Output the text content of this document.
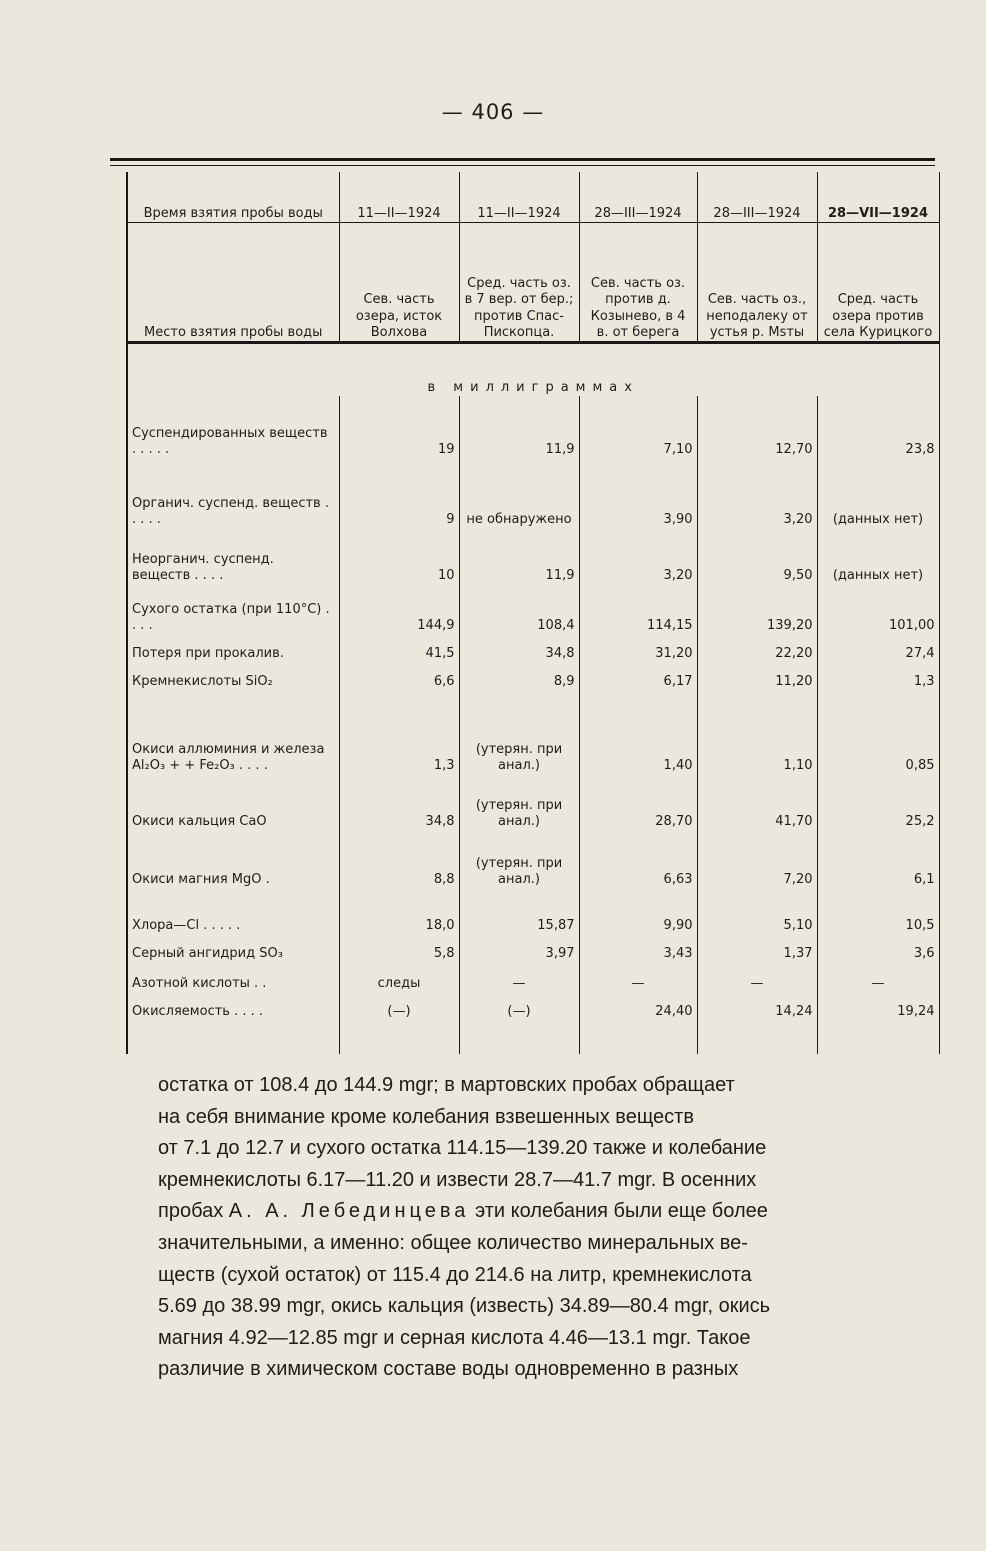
— 406 —
Время взятия пробы воды	11—II—1924	11—II—1924	28—III—1924	28—III—1924	28—VII—1924
Место взятия пробы воды	Сев. часть озера, исток Волхова	Сред. часть оз. в 7 вер. от бер.; против Спас-Пископца.	Сев. часть оз. против д. Козынево, в 4 в. от берега	Сев. часть оз., неподалеку от устья р. Msты	Сред. часть озера против села Курицкого
в миллиграммах					
Суспендированных веществ . . . . .	19	11,9	7,10	12,70	23,8
Органич. суспенд. веществ . . . . .	9	не обнаружено	3,90	3,20	(данных нет)
Неорганич. суспенд. веществ . . . .	10	11,9	3,20	9,50	(данных нет)
Сухого остатка (при 110°С) . . . .	144,9	108,4	114,15	139,20	101,00
Потеря при прокалив.	41,5	34,8	31,20	22,20	27,4
Кремнекислоты SiO₂	6,6	8,9	6,17	11,20	1,3
Окиси аллюминия и железа Al₂O₃ + + Fe₂O₃ . . . .	1,3	(утерян. при анал.)	1,40	1,10	0,85
Окиси кальция CaO	34,8	(утерян. при анал.)	28,70	41,70	25,2
Окиси магния MgO .	8,8	(утерян. при анал.)	6,63	7,20	6,1
Хлора—Cl . . . . .	18,0	15,87	9,90	5,10	10,5
Серный ангидрид SO₃	5,8	3,97	3,43	1,37	3,6
Азотной кислоты . .	следы	—	—	—	—
Окисляемость . . . .	(—)	(—)	24,40	14,24	19,24

остатка от 108.4 до 144.9 mgr; в мартовских пробах обращает

на себя внимание кроме колебания взвешенных веществ

от 7.1 до 12.7 и сухого остатка 114.15—139.20 также и колебание

кремнекислоты 6.17—11.20 и извести 28.7—41.7 mgr. В осенних

пробах А. А. Лебединцева эти колебания были еще более

значительными, а именно: общее количество минеральных ве-

ществ (сухой остаток) от 115.4 до 214.6 на литр, кремнекислота

5.69 до 38.99 mgr, окись кальция (известь) 34.89—80.4 mgr, окись

магния 4.92—12.85 mgr и серная кислота 4.46—13.1 mgr. Такое

различие в химическом составе воды одновременно в разных
